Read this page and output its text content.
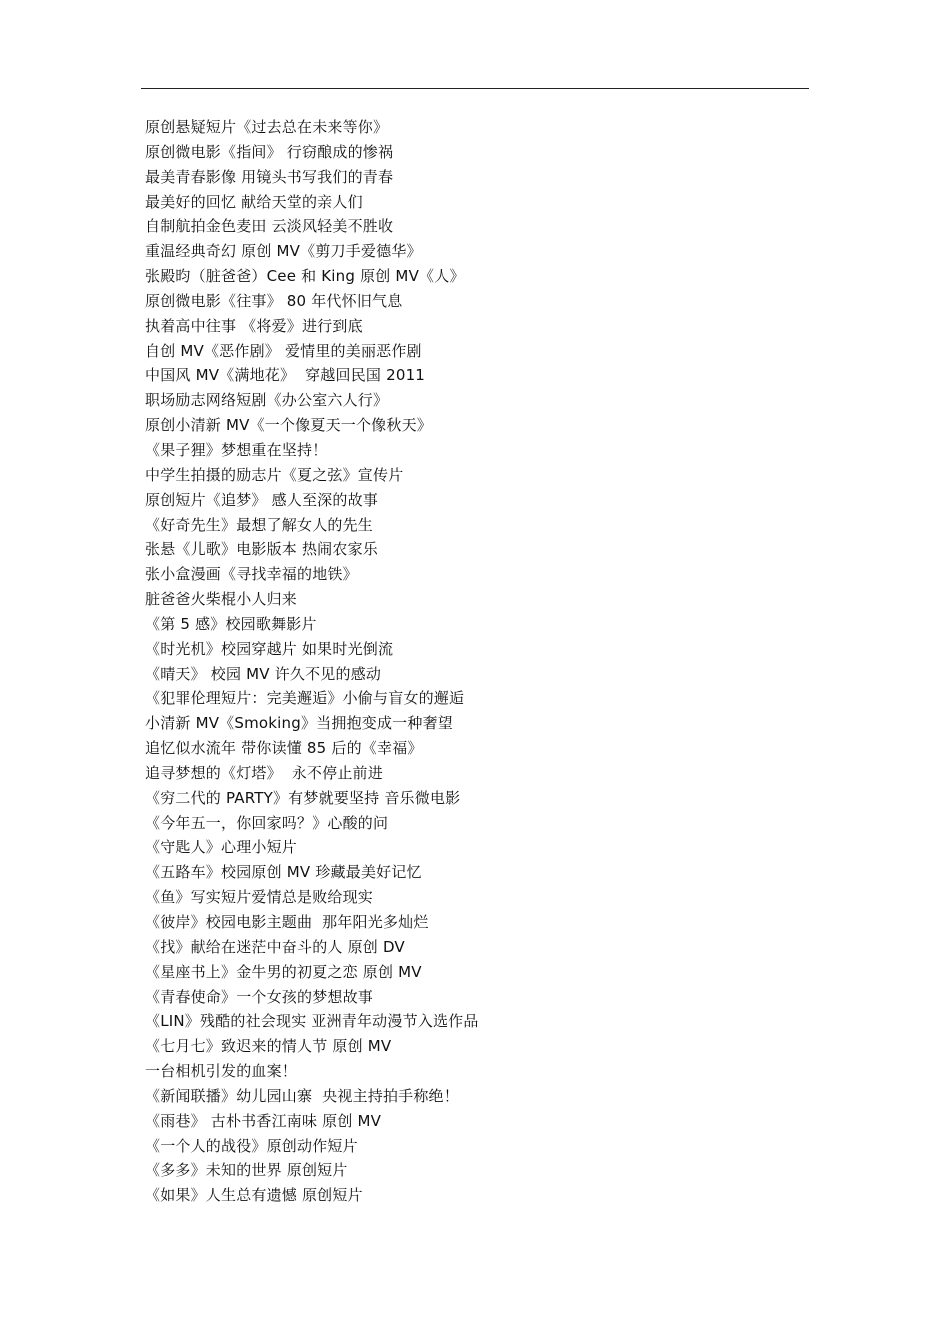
原创悬疑短片《过去总在未来等你》
原创微电影《指间》 行窃酿成的惨祸
最美青春影像 用镜头书写我们的青春
最美好的回忆 献给天堂的亲人们
自制航拍金色麦田 云淡风轻美不胜收
重温经典奇幻 原创 MV《剪刀手爱德华》
张殿昀（脏爸爸）Cee 和 King 原创 MV《人》
原创微电影《往事》 80 年代怀旧气息
执着高中往事 《将爱》进行到底
自创 MV《恶作剧》 爱情里的美丽恶作剧
中国风 MV《满地花》  穿越回民国 2011
职场励志网络短剧《办公室六人行》
原创小清新 MV《一个像夏天一个像秋天》
《果子狸》梦想重在坚持！
中学生拍摄的励志片《夏之弦》宣传片
原创短片《追梦》 感人至深的故事
《好奇先生》最想了解女人的先生
张悬《儿歌》电影版本 热闹农家乐
张小盒漫画《寻找幸福的地铁》
脏爸爸火柴棍小人归来
《第 5 感》校园歌舞影片
《时光机》校园穿越片 如果时光倒流
《晴天》 校园 MV 许久不见的感动
《犯罪伦理短片：完美邂逅》小偷与盲女的邂逅
小清新 MV《Smoking》当拥抱变成一种奢望
追忆似水流年 带你读懂 85 后的《幸福》
追寻梦想的《灯塔》  永不停止前进
《穷二代的 PARTY》有梦就要坚持 音乐微电影
《今年五一，你回家吗？》心酸的问
《守匙人》心理小短片
《五路车》校园原创 MV 珍藏最美好记忆
《鱼》写实短片爱情总是败给现实
《彼岸》校园电影主题曲  那年阳光多灿烂
《找》献给在迷茫中奋斗的人 原创 DV
《星座书上》金牛男的初夏之恋 原创 MV
《青春使命》一个女孩的梦想故事
《LIN》残酷的社会现实 亚洲青年动漫节入选作品
《七月七》致迟来的情人节 原创 MV
一台相机引发的血案！
《新闻联播》幼儿园山寨  央视主持拍手称绝！
《雨巷》 古朴书香江南味 原创 MV
《一个人的战役》原创动作短片
《多多》未知的世界 原创短片
《如果》人生总有遗憾 原创短片
